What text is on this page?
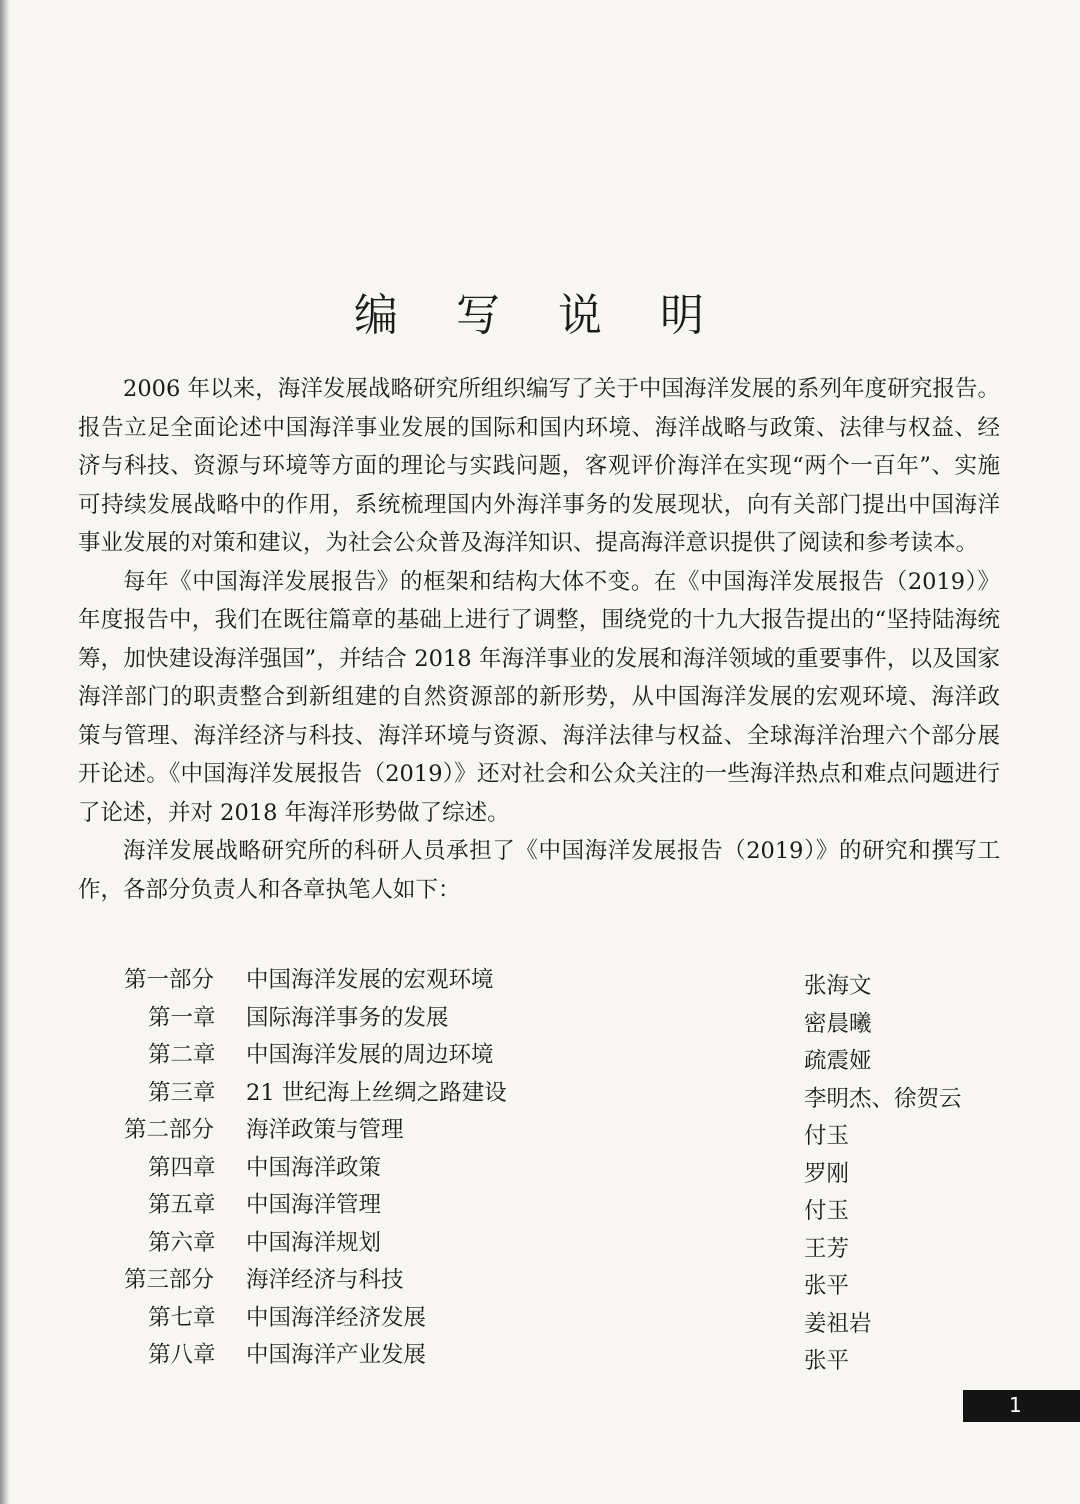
编 写 说 明

2006 年以来，海洋发展战略研究所组织编写了关于中国海洋发展的系列年度研究报告。报告立足全面论述中国海洋事业发展的国际和国内环境、海洋战略与政策、法律与权益、经济与科技、资源与环境等方面的理论与实践问题，客观评价海洋在实现“两个一百年”、实施可持续发展战略中的作用，系统梳理国内外海洋事务的发展现状，向有关部门提出中国海洋事业发展的对策和建议，为社会公众普及海洋知识、提高海洋意识提供了阅读和参考读本。

每年《中国海洋发展报告》的框架和结构大体不变。在《中国海洋发展报告（2019）》年度报告中，我们在既往篇章的基础上进行了调整，围绕党的十九大报告提出的“坚持陆海统筹，加快建设海洋强国”，并结合 2018 年海洋事业的发展和海洋领域的重要事件，以及国家海洋部门的职责整合到新组建的自然资源部的新形势，从中国海洋发展的宏观环境、海洋政策与管理、海洋经济与科技、海洋环境与资源、海洋法律与权益、全球海洋治理六个部分展开论述。《中国海洋发展报告（2019）》还对社会和公众关注的一些海洋热点和难点问题进行了论述，并对 2018 年海洋形势做了综述。

海洋发展战略研究所的科研人员承担了《中国海洋发展报告（2019）》的研究和撰写工作，各部分负责人和各章执笔人如下：

第一部分 中国海洋发展的宏观环境	张海文
第一章 国际海洋事务的发展	密晨曦
第二章 中国海洋发展的周边环境	疏震娅
第三章 21 世纪海上丝绸之路建设	李明杰、徐贺云
第二部分 海洋政策与管理	付玉
第四章 中国海洋政策	罗刚
第五章 中国海洋管理	付玉
第六章 中国海洋规划	王芳
第三部分 海洋经济与科技	张平
第七章 中国海洋经济发展	姜祖岩
第八章 中国海洋产业发展	张平
1
